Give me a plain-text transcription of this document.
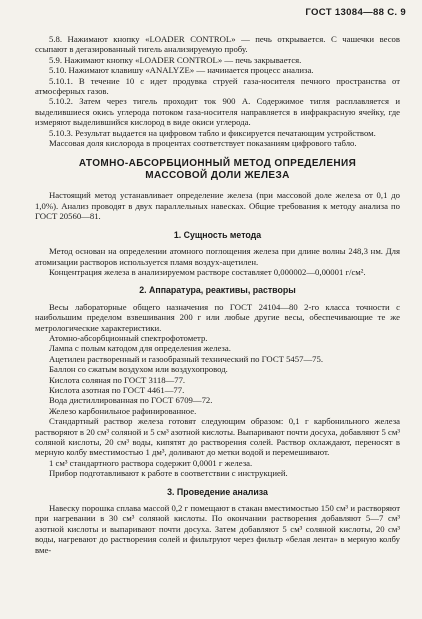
ГОСТ 13084—88 С. 9

5.8. Нажимают кнопку «LOADER CONTROL» — печь открывается. С чашечки весов ссыпают в дегазированный тигель анализируемую пробу.

5.9. Нажимают кнопку «LOADER CONTROL» — печь закрывается.

5.10. Нажимают клавишу «ANALYZE» — начинается процесс анализа.

5.10.1. В течение 10 с идет продувка струей газа-носителя печного пространства от атмосферных газов.

5.10.2. Затем через тигель проходит ток 900 А. Содержимое тигля расплавляется и выделившиеся окись углерода потоком газа-носителя направляется в инфракрасную ячейку, где измеряют выделившийся кислород в виде окиси углерода.

5.10.3. Результат выдается на цифровом табло и фиксируется печатающим устройством.

Массовая доля кислорода в процентах соответствует показаниям цифрового табло.

АТОМНО-АБСОРБЦИОННЫЙ МЕТОД ОПРЕДЕЛЕНИЯ
МАССОВОЙ ДОЛИ ЖЕЛЕЗА

Настоящий метод устанавливает определение железа (при массовой доле железа от 0,1 до 1,0%). Анализ проводят в двух параллельных навесках. Общие требования к методу анализа по ГОСТ 20560—81.

1. Сущность метода

Метод основан на определении атомного поглощения железа при длине волны 248,3 нм. Для атомизации растворов используется пламя воздух-ацетилен.

Концентрация железа в анализируемом растворе составляет 0,000002—0,00001 г/см².

2. Аппаратура, реактивы, растворы

Весы лабораторные общего назначения по ГОСТ 24104—80 2-го класса точности с наибольшим пределом взвешивания 200 г или любые другие весы, обеспечивающие те же метрологические характеристики.

Атомно-абсорбционный спектрофотометр.

Лампа с полым катодом для определения железа.

Ацетилен растворенный и газообразный технический по ГОСТ 5457—75.

Баллон со сжатым воздухом или воздухопровод.

Кислота соляная по ГОСТ 3118—77.

Кислота азотная по ГОСТ 4461—77.

Вода дистиллированная по ГОСТ 6709—72.

Железо карбонильное рафинированное.

Стандартный раствор железа готовят следующим образом: 0,1 г карбонильного железа растворяют в 20 см³ соляной и 5 см³ азотной кислоты. Выпаривают почти досуха, добавляют 5 см³ соляной кислоты, 20 см³ воды, кипятят до растворения солей. Раствор охлаждают, переносят в мерную колбу вместимостью 1 дм³, доливают до метки водой и перемешивают.

1 см³ стандартного раствора содержит 0,0001 г железа.

Прибор подготавливают к работе в соответствии с инструкцией.

3. Проведение анализа

Навеску порошка сплава массой 0,2 г помещают в стакан вместимостью 150 см³ и растворяют при нагревании в 30 см³ соляной кислоты. По окончании растворения добавляют 5—7 см³ азотной кислоты и выпаривают почти досуха. Затем добавляют 5 см³ соляной кислоты, 20 см³ воды, нагревают до растворения солей и фильтруют через фильтр «белая лента» в мерную колбу вме-
